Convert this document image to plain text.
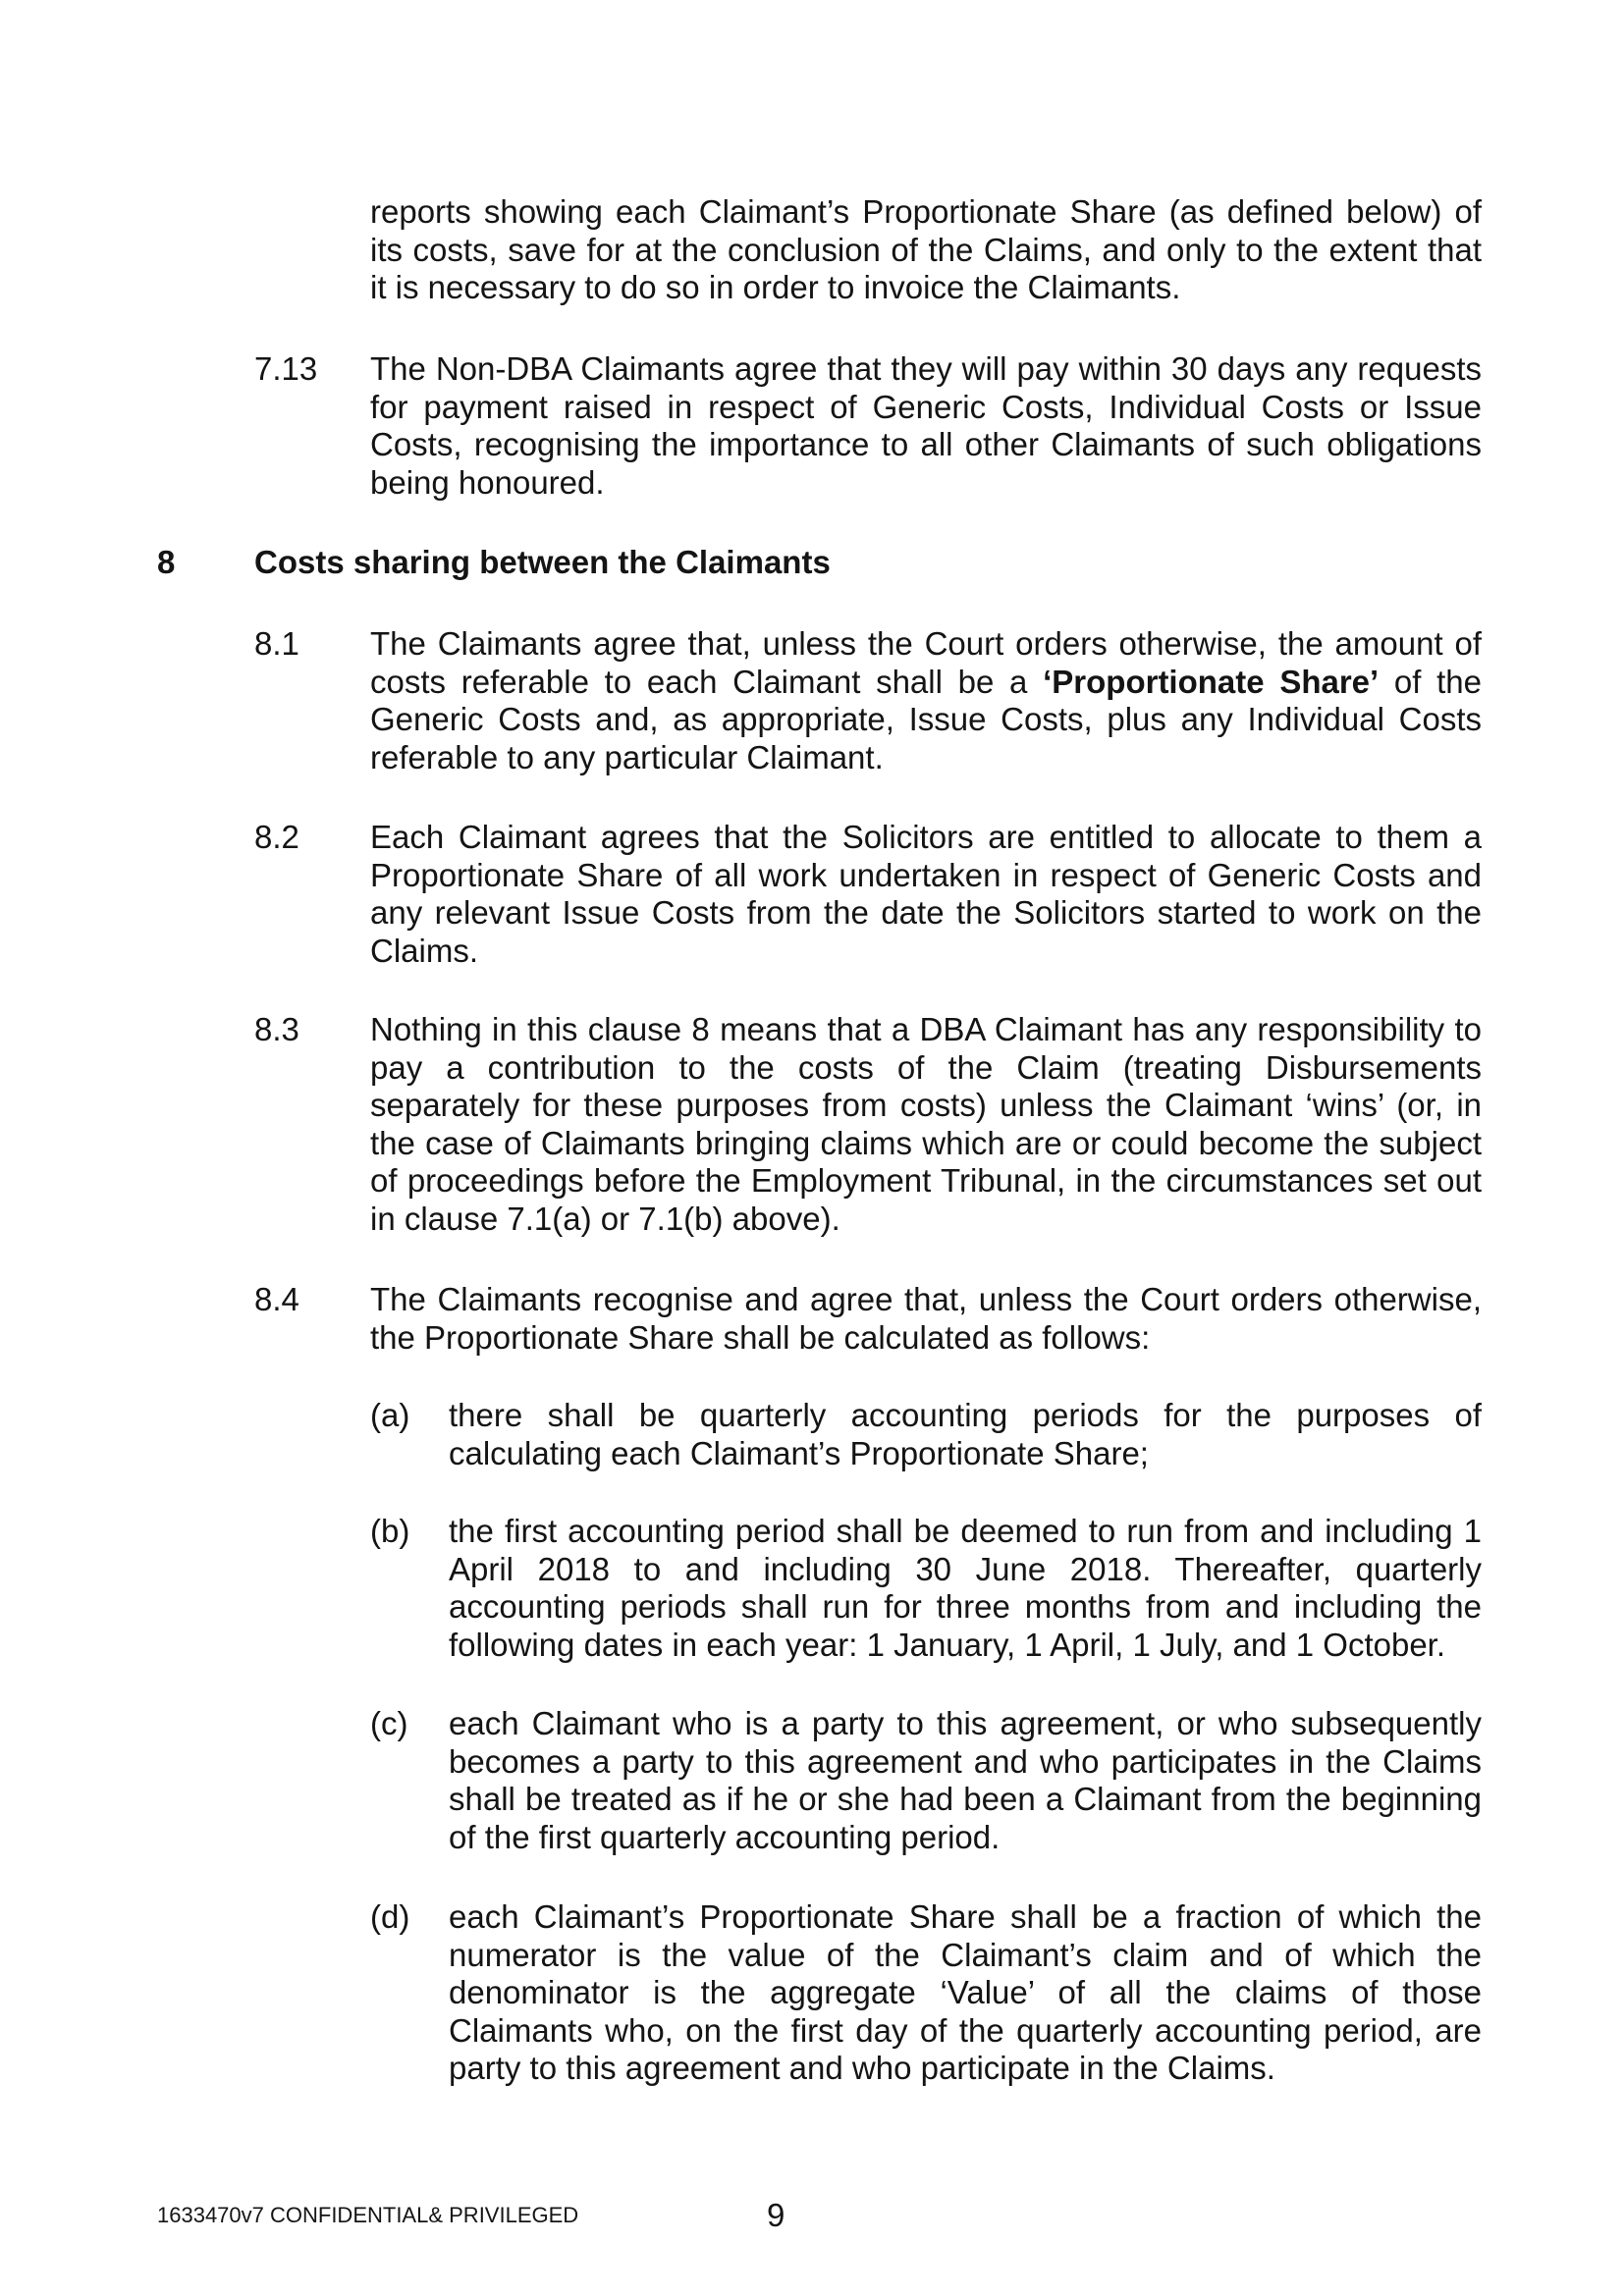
reports showing each Claimant’s Proportionate Share (as defined below) of its costs, save for at the conclusion of the Claims, and only to the extent that it is necessary to do so in order to invoice the Claimants.

7.13 The Non-DBA Claimants agree that they will pay within 30 days any requests for payment raised in respect of Generic Costs, Individual Costs or Issue Costs, recognising the importance to all other Claimants of such obligations being honoured.

8 Costs sharing between the Claimants
8.1 The Claimants agree that, unless the Court orders otherwise, the amount of costs referable to each Claimant shall be a ‘Proportionate Share’ of the Generic Costs and, as appropriate, Issue Costs, plus any Individual Costs referable to any particular Claimant.

8.2 Each Claimant agrees that the Solicitors are entitled to allocate to them a Proportionate Share of all work undertaken in respect of Generic Costs and any relevant Issue Costs from the date the Solicitors started to work on the Claims.

8.3 Nothing in this clause 8 means that a DBA Claimant has any responsibility to pay a contribution to the costs of the Claim (treating Disbursements separately for these purposes from costs) unless the Claimant ‘wins’ (or, in the case of Claimants bringing claims which are or could become the subject of proceedings before the Employment Tribunal, in the circumstances set out in clause 7.1(a) or 7.1(b) above).

8.4 The Claimants recognise and agree that, unless the Court orders otherwise, the Proportionate Share shall be calculated as follows:

(a) there shall be quarterly accounting periods for the purposes of calculating each Claimant’s Proportionate Share;

(b) the first accounting period shall be deemed to run from and including 1 April 2018 to and including 30 June 2018. Thereafter, quarterly accounting periods shall run for three months from and including the following dates in each year: 1 January, 1 April, 1 July, and 1 October.

(c) each Claimant who is a party to this agreement, or who subsequently becomes a party to this agreement and who participates in the Claims shall be treated as if he or she had been a Claimant from the beginning of the first quarterly accounting period.

(d) each Claimant’s Proportionate Share shall be a fraction of which the numerator is the value of the Claimant’s claim and of which the denominator is the aggregate ‘Value’ of all the claims of those Claimants who, on the first day of the quarterly accounting period, are party to this agreement and who participate in the Claims.

1633470v7 CONFIDENTIAL& PRIVILEGED	9
